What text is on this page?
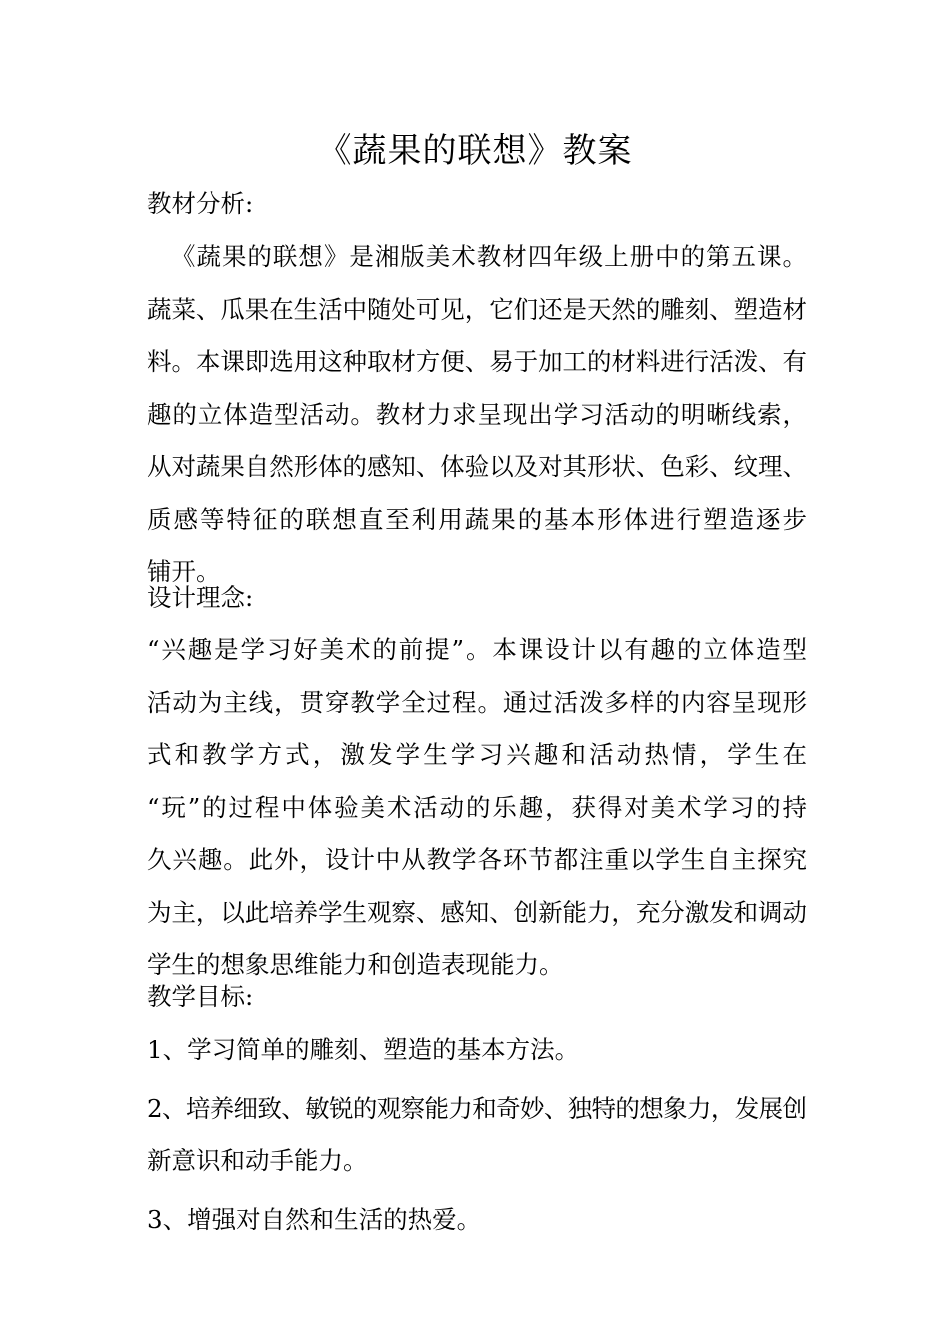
《蔬果的联想》教案
教材分析:
《蔬果的联想》是湘版美术教材四年级上册中的第五课。
蔬菜、瓜果在生活中随处可见，它们还是天然的雕刻、塑造材
料。本课即选用这种取材方便、易于加工的材料进行活泼、有
趣的立体造型活动。教材力求呈现出学习活动的明晰线索，
从对蔬果自然形体的感知、体验以及对其形状、色彩、纹理、
质感等特征的联想直至利用蔬果的基本形体进行塑造逐步
铺开。
设计理念:
“兴趣是学习好美术的前提”。本课设计以有趣的立体造型
活动为主线，贯穿教学全过程。通过活泼多样的内容呈现形
式和教学方式，激发学生学习兴趣和活动热情，学生在
“玩”的过程中体验美术活动的乐趣，获得对美术学习的持
久兴趣。此外，设计中从教学各环节都注重以学生自主探究
为主，以此培养学生观察、感知、创新能力，充分激发和调动
学生的想象思维能力和创造表现能力。
教学目标:
1、学习简单的雕刻、塑造的基本方法。
2、培养细致、敏锐的观察能力和奇妙、独特的想象力，发展创
新意识和动手能力。
3、增强对自然和生活的热爱。
